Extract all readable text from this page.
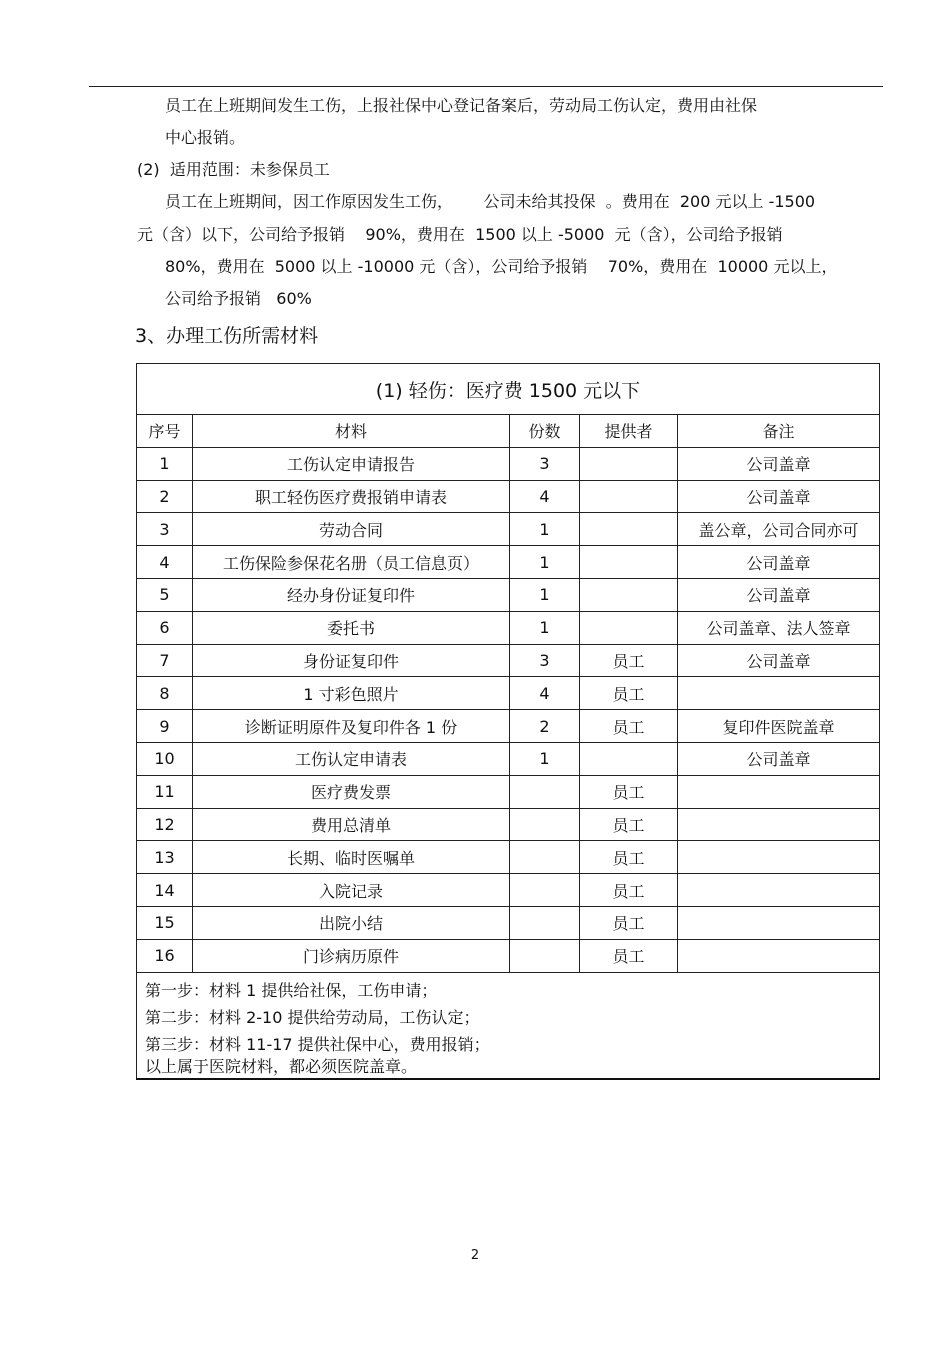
员工在上班期间发生工伤，上报社保中心登记备案后，劳动局工伤认定，费用由社保
中心报销。
(2)  适用范围：未参保员工
员工在上班期间，因工作原因发生工伤，      公司未给其投保  。费用在  200 元以上 -1500
元（含）以下，公司给予报销    90%，费用在  1500 以上 -5000  元（含），公司给予报销
80%，费用在  5000 以上 -10000 元（含），公司给予报销    70%，费用在  10000 元以上，
公司给予报销   60%
3、办理工伤所需材料
(1) 轻伤：医疗费 1500 元以下				
序号	材料	份数	提供者	备注
1	工伤认定申请报告	3		公司盖章
2	职工轻伤医疗费报销申请表	4		公司盖章
3	劳动合同	1		盖公章，公司合同亦可
4	工伤保险参保花名册（员工信息页）	1		公司盖章
5	经办身份证复印件	1		公司盖章
6	委托书	1		公司盖章、法人签章
7	身份证复印件	3	员工	公司盖章
8	1 寸彩色照片	4	员工	
9	诊断证明原件及复印件各 1 份	2	员工	复印件医院盖章
10	工伤认定申请表	1		公司盖章
11	医疗费发票		员工	
12	费用总清单		员工	
13	长期、临时医嘱单		员工	
14	入院记录		员工	
15	出院小结		员工	
16	门诊病历原件		员工	

第一步：材料 1 提供给社保，工伤申请；
第二步：材料 2-10 提供给劳动局，工伤认定；
第三步：材料 11-17 提供社保中心，费用报销；
以上属于医院材料，都必须医院盖章。				
2
